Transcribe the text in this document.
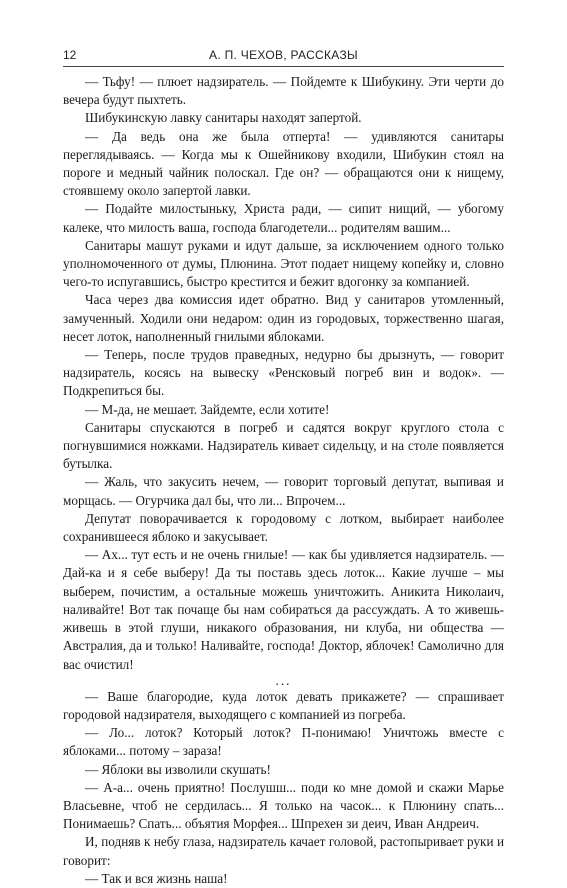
12	А. П. ЧЕХОВ, РАССКАЗЫ

— Тьфу! — плюет надзиратель. — Пойдемте к Шибукину. Эти черти до вечера будут пыхтеть.

Шибукинскую лавку санитары находят запертой.

— Да ведь она же была отперта! — удивляются санитары переглядываясь. — Когда мы к Ошейникову входили, Шибукин стоял на пороге и медный чайник полоскал. Где он? — обращаются они к нищему, стоявшему около запертой лавки.

— Подайте милостыньку, Христа ради, — сипит нищий, — убогому калеке, что милость ваша, господа благодетели... родителям вашим...

Санитары машут руками и идут дальше, за исключением одного только уполномоченного от думы, Плюнина. Этот подает нищему копейку и, словно чего-то испугавшись, быстро крестится и бежит вдогонку за компанией.

Часа через два комиссия идет обратно. Вид у санитаров утомленный, замученный. Ходили они недаром: один из городовых, торжественно шагая, несет лоток, наполненный гнилыми яблоками.

— Теперь, после трудов праведных, недурно бы дрызнуть, — говорит надзиратель, косясь на вывеску «Ренсковый погреб вин и водок». — Подкрепиться бы.

— М-да, не мешает. Зайдемте, если хотите!

Санитары спускаются в погреб и садятся вокруг круглого стола с погнувшимися ножками. Надзиратель кивает сидельцу, и на столе появляется бутылка.

— Жаль, что закусить нечем, — говорит торговый депутат, выпивая и морщась. — Огурчика дал бы, что ли... Впрочем...

Депутат поворачивается к городовому с лотком, выбирает наиболее сохранившееся яблоко и закусывает.

— Ах... тут есть и не очень гнилые! — как бы удивляется надзиратель. — Дай-ка и я себе выберу! Да ты поставь здесь лоток... Какие лучше – мы выберем, почистим, а остальные можешь уничтожить. Аникита Николаич, наливайте! Вот так почаще бы нам собираться да рассуждать. А то живешь-живешь в этой глуши, никакого образования, ни клуба, ни общества — Австралия, да и только! Наливайте, господа! Доктор, яблочек! Самолично для вас очистил!

...

— Ваше благородие, куда лоток девать прикажете? — спрашивает городовой надзирателя, выходящего с компанией из погреба.

— Ло... лоток? Который лоток? П-понимаю! Уничтожь вместе с яблоками... потому – зараза!

— Яблоки вы изволили скушать!

— А-а... очень приятно! Послушш... поди ко мне домой и скажи Марье Власьевне, чтоб не сердилась... Я только на часок... к Плюнину спать... Понимаешь? Спать... объятия Морфея... Шпрехен зи деич, Иван Андреич.

И, подняв к небу глаза, надзиратель качает головой, растопыривает руки и говорит:

— Так и вся жизнь наша!
